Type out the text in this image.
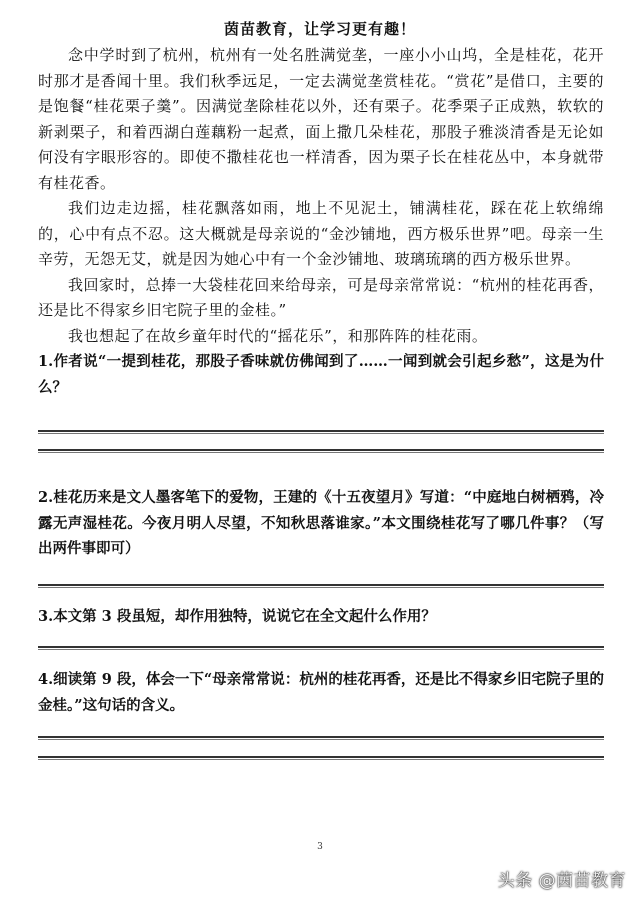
茵苗教育，让学习更有趣！

念中学时到了杭州，杭州有一处名胜满觉垄，一座小小山坞，全是桂花，花开时那才是香闻十里。我们秋季远足，一定去满觉垄赏桂花。“赏花”是借口，主要的是饱餐“桂花栗子羹”。因满觉垄除桂花以外，还有栗子。花季栗子正成熟，软软的新剥栗子，和着西湖白莲藕粉一起煮，面上撒几朵桂花，那股子雅淡清香是无论如何没有字眼形容的。即使不撒桂花也一样清香，因为栗子长在桂花丛中，本身就带有桂花香。

我们边走边摇，桂花飘落如雨，地上不见泥土，铺满桂花，踩在花上软绵绵的，心中有点不忍。这大概就是母亲说的“金沙铺地，西方极乐世界”吧。母亲一生辛劳，无怨无艾，就是因为她心中有一个金沙铺地、玻璃琉璃的西方极乐世界。

我回家时，总捧一大袋桂花回来给母亲，可是母亲常常说：“杭州的桂花再香，还是比不得家乡旧宅院子里的金桂。”

我也想起了在故乡童年时代的“摇花乐”，和那阵阵的桂花雨。

1.作者说“一提到桂花，那股子香味就仿佛闻到了……一闻到就会引起乡愁”，这是为什么？

2.桂花历来是文人墨客笔下的爱物，王建的《十五夜望月》写道：“中庭地白树栖鸦，冷露无声湿桂花。今夜月明人尽望，不知秋思落谁家。”本文围绕桂花写了哪几件事？（写出两件事即可）

3.本文第 3 段虽短，却作用独特，说说它在全文起什么作用？

4.细读第 9 段，体会一下“母亲常常说：杭州的桂花再香，还是比不得家乡旧宅院子里的金桂。”这句话的含义。

3
头条 @茵苗教育
